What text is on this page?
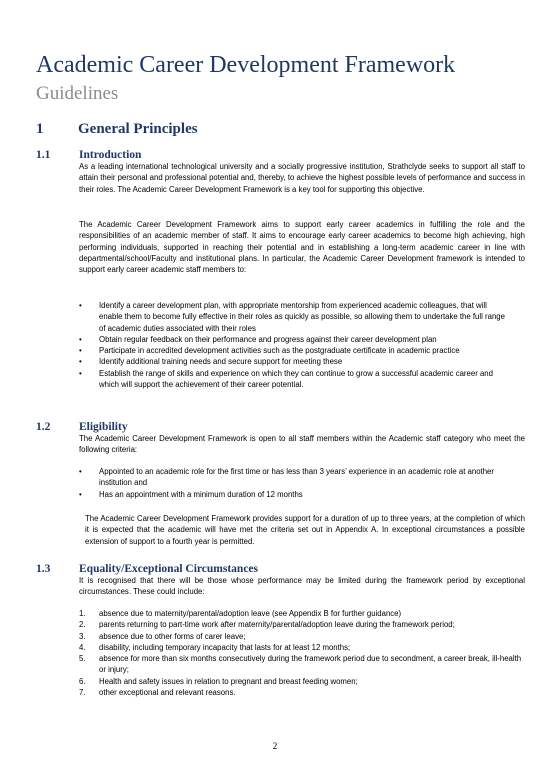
Academic Career Development Framework
Guidelines
1 General Principles
1.1 Introduction
As a leading international technological university and a socially progressive institution, Strathclyde seeks to support all staff to attain their personal and professional potential and, thereby, to achieve the highest possible levels of performance and success in their roles. The Academic Career Development Framework is a key tool for supporting this objective.
The Academic Career Development Framework aims to support early career academics in fulfilling the role and the responsibilities of an academic member of staff. It aims to encourage early career academics to become high achieving, high performing individuals, supported in reaching their potential and in establishing a long-term academic career in line with departmental/school/Faculty and institutional plans. In particular, the Academic Career Development framework is intended to support early career academic staff members to:
• Identify a career development plan, with appropriate mentorship from experienced academic colleagues, that will enable them to become fully effective in their roles as quickly as possible, so allowing them to undertake the full range of academic duties associated with their roles
• Obtain regular feedback on their performance and progress against their career development plan
• Participate in accredited development activities such as the postgraduate certificate in academic practice
• Identify additional training needs and secure support for meeting these
• Establish the range of skills and experience on which they can continue to grow a successful academic career and which will support the achievement of their career potential.
1.2 Eligibility
The Academic Career Development Framework is open to all staff members within the Academic staff category who meet the following criteria:
• Appointed to an academic role for the first time or has less than 3 years’ experience in an academic role at another institution and
• Has an appointment with a minimum duration of 12 months
The Academic Career Development Framework provides support for a duration of up to three years, at the completion of which it is expected that the academic will have met the criteria set out in Appendix A. In exceptional circumstances a possible extension of support to a fourth year is permitted.
1.3 Equality/Exceptional Circumstances
It is recognised that there will be those whose performance may be limited during the framework period by exceptional circumstances. These could include:
1. absence due to maternity/parental/adoption leave (see Appendix B for further guidance)
2. parents returning to part-time work after maternity/parental/adoption leave during the framework period;
3. absence due to other forms of carer leave;
4. disability, including temporary incapacity that lasts for at least 12 months;
5. absence for more than six months consecutively during the framework period due to secondment, a career break, ill-health or injury;
6. Health and safety issues in relation to pregnant and breast feeding women;
7. other exceptional and relevant reasons.
2
